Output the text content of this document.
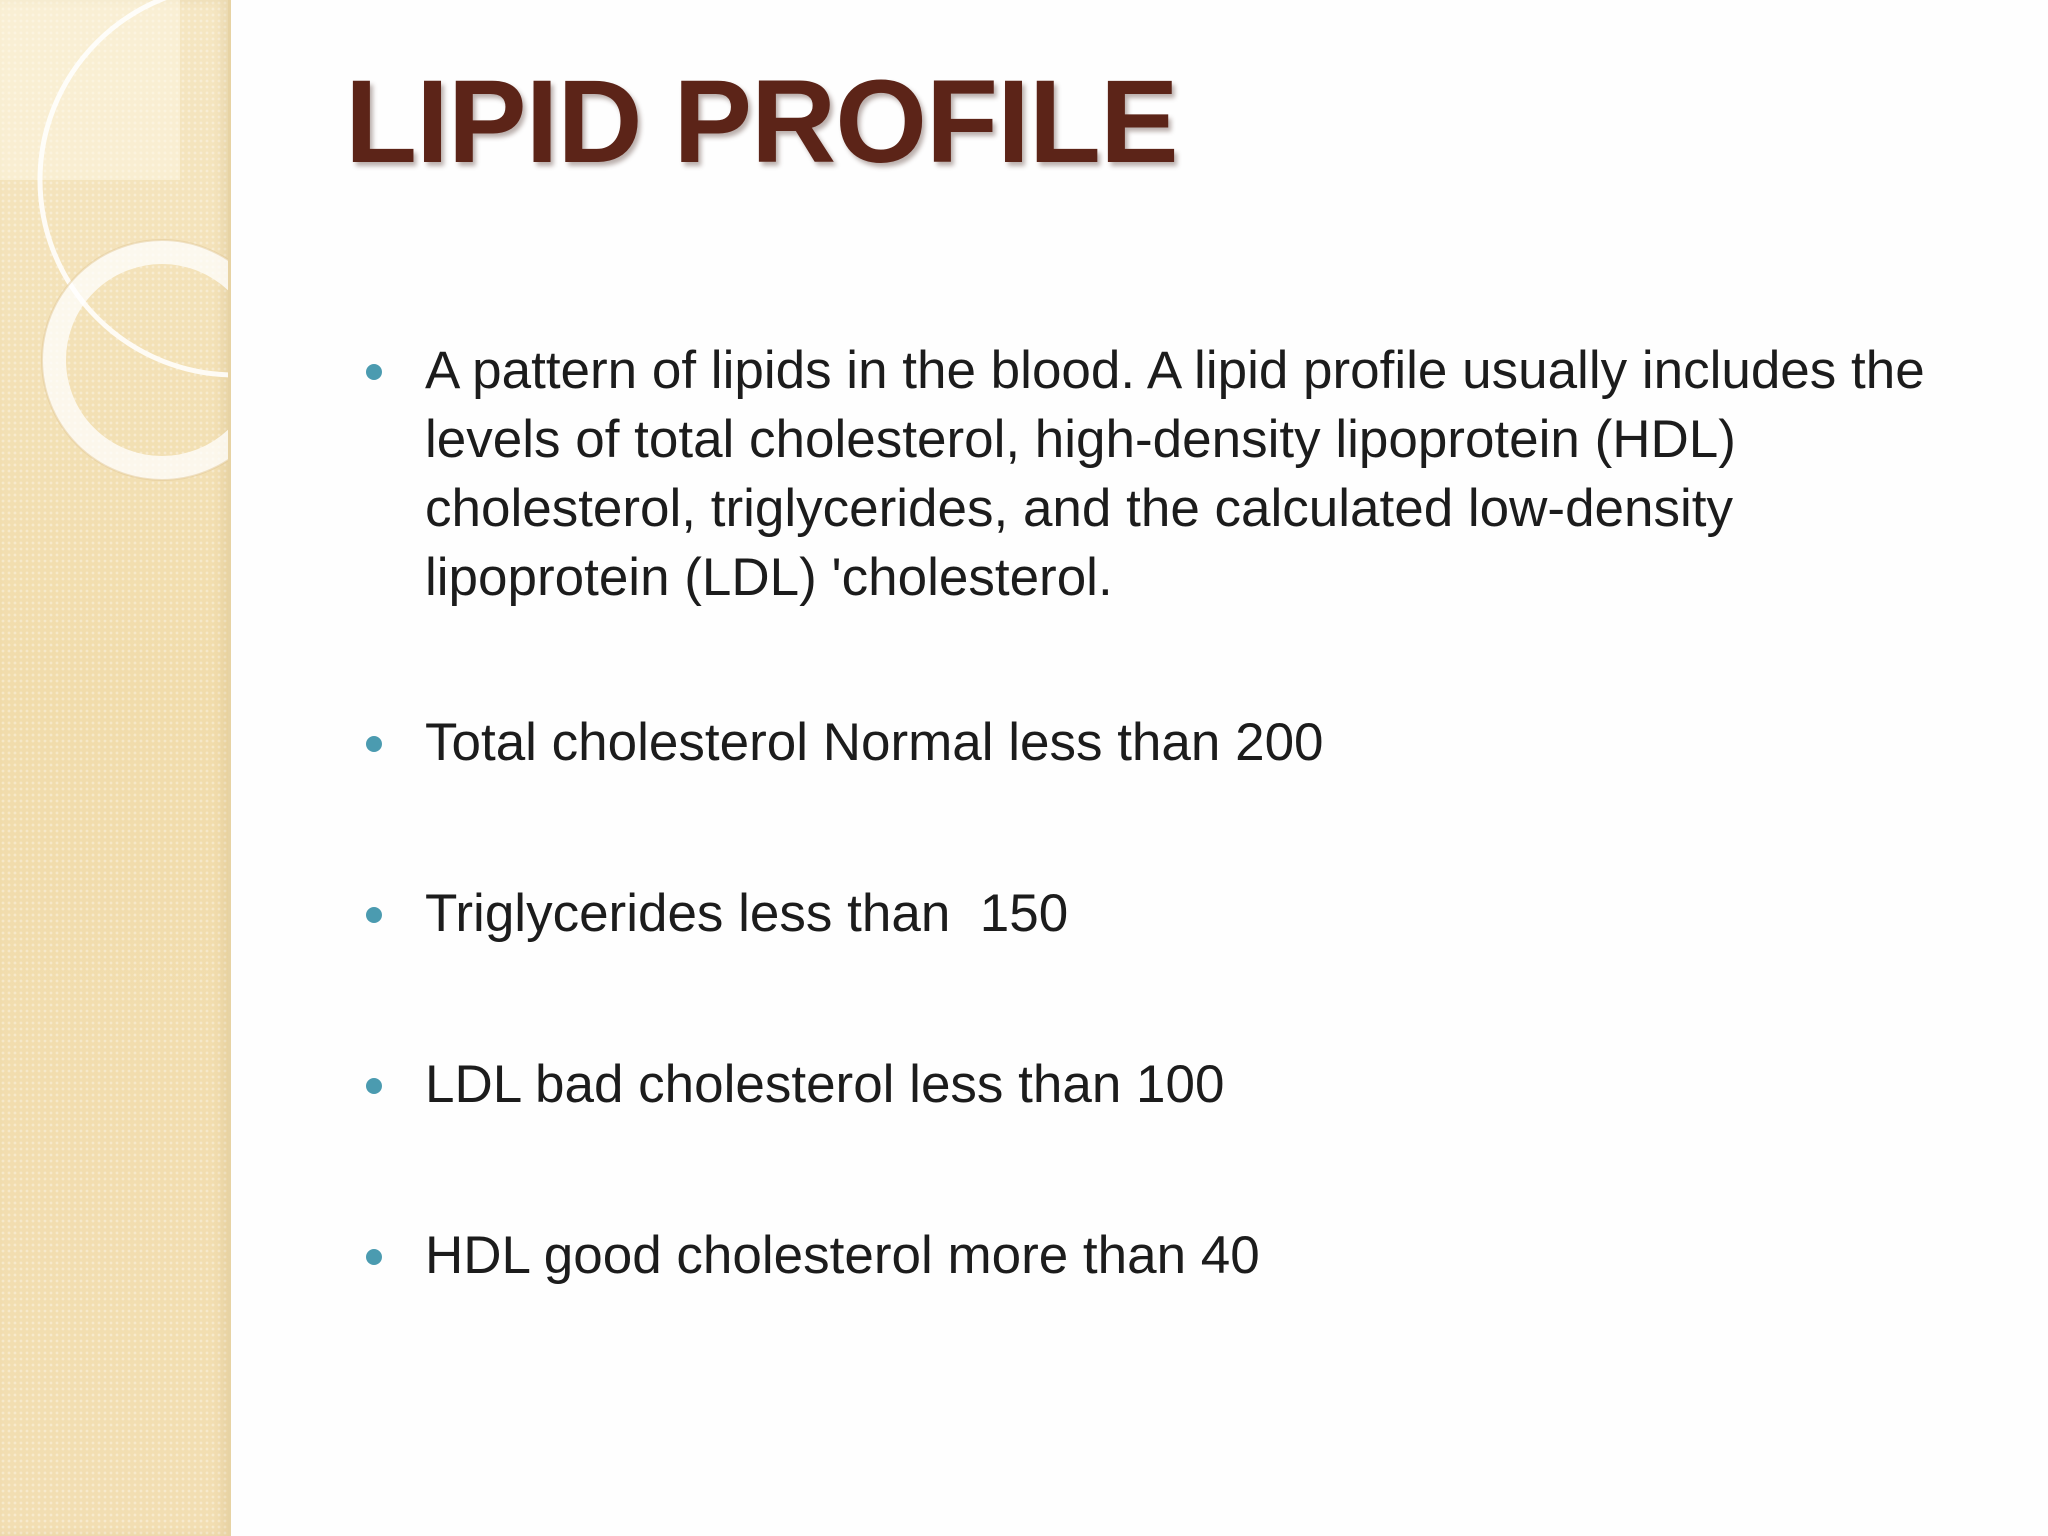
LIPID PROFILE
A pattern of lipids in the blood. A lipid profile usually includes the levels of total cholesterol, high-density lipoprotein (HDL) cholesterol, triglycerides, and the calculated low-density lipoprotein (LDL) 'cholesterol.
Total cholesterol Normal less than 200
Triglycerides less than  150
LDL bad cholesterol less than 100
HDL good cholesterol more than 40
